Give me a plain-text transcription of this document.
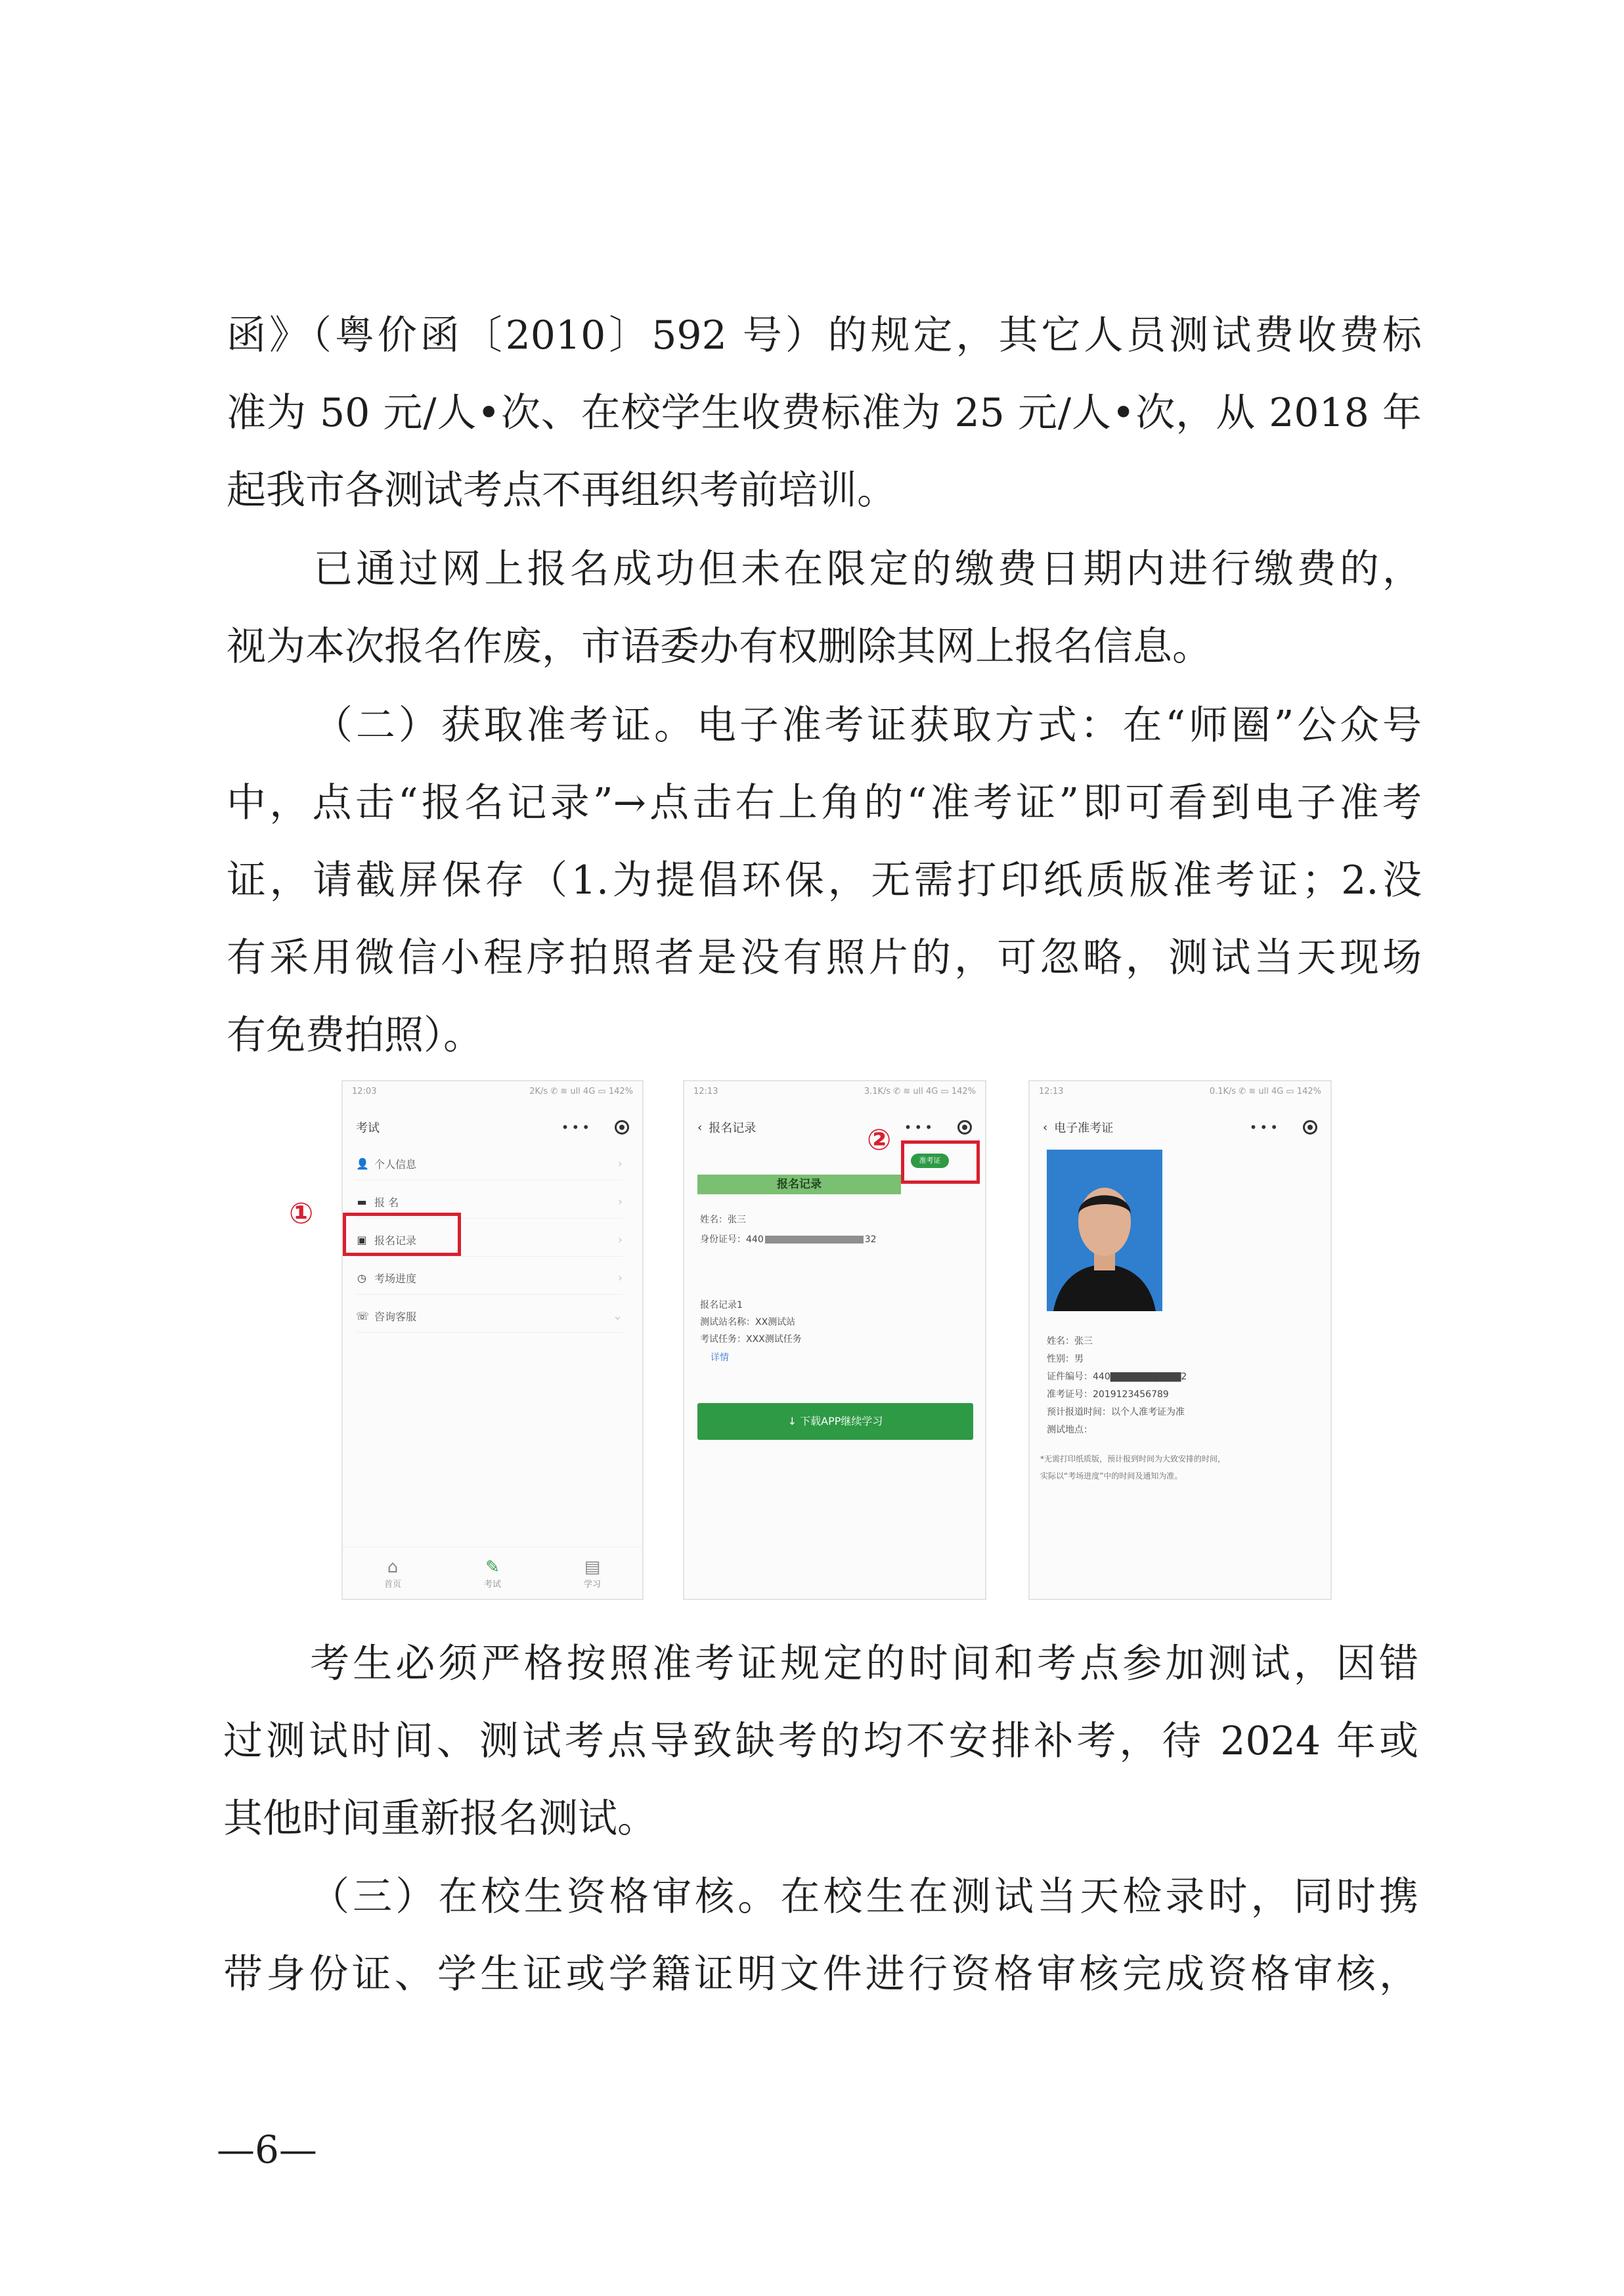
函》（粤价函〔2010〕592 号）的规定，其它人员测试费收费标
准为 50 元/人•次、在校学生收费标准为 25 元/人•次，从 2018 年
起我市各测试考点不再组织考前培训。
已通过网上报名成功但未在限定的缴费日期内进行缴费的，
视为本次报名作废，市语委办有权删除其网上报名信息。
（二）获取准考证。电子准考证获取方式：在“师圈”公众号
中，点击“报名记录”→点击右上角的“准考证”即可看到电子准考
证，请截屏保存（1.为提倡环保，无需打印纸质版准考证；2.没
有采用微信小程序拍照者是没有照片的，可忽略，测试当天现场
有免费拍照）。
12:03	2K/s ✆ ≋ ull 4G ▭ 142%
考试	•••
👤 个人信息	›
▬ 报 名	›
▣ 报名记录	›
◷ 考场进度	›
☏ 咨询客服	⌄
⌂
首页
✎
考试
▤
学习
①
12:13	3.1K/s ✆ ≋ ull 4G ▭ 142%
‹ 报名记录	•••
报名记录
准考证
姓名：张三
身份证号：440	32
报名记录1
测试站名称：XX测试站
考试任务：XXX测试任务
详情
↓ 下载APP继续学习
②
12:13	0.1K/s ✆ ≋ ull 4G ▭ 142%
‹ 电子准考证	•••
姓名：张三
性别：男
证件编号：440▇▇▇▇▇▇▇▇▇▇2
准考证号：2019123456789
预计报道时间：以个人准考证为准
测试地点：
*无需打印纸质版，预计报到时间为大致安排的时间，
实际以“考场进度”中的时间及通知为准。
考生必须严格按照准考证规定的时间和考点参加测试，因错
过测试时间、测试考点导致缺考的均不安排补考，待 2024 年或
其他时间重新报名测试。
（三）在校生资格审核。在校生在测试当天检录时，同时携
带身份证、学生证或学籍证明文件进行资格审核完成资格审核，
—6—
